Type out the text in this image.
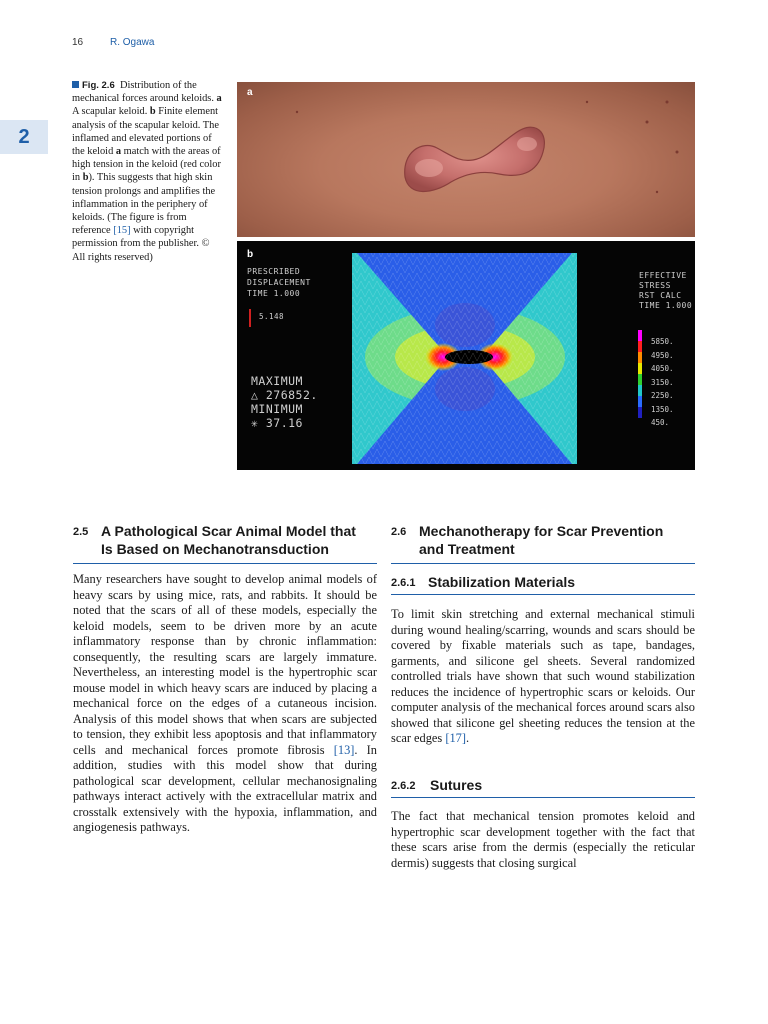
16	R. Ogawa
2

Fig. 2.6 Distribution of the mechanical forces around keloids. a A scapular keloid. b Finite element analysis of the scapular keloid. The inflamed and elevated portions of the keloid a match with the areas of high tension in the keloid (red color in b). This suggests that high skin tension prolongs and amplifies the inflammation in the periphery of keloids. (The figure is from reference [15] with copyright permission from the publisher. © All rights reserved)

a
b
PRESCRIBED
DISPLACEMENT
TIME 1.000
5.148
MAXIMUM
△ 276852.
MINIMUM
✳ 37.16
EFFECTIVE
STRESS
RST CALC
TIME 1.000
5850.
4950.
4050.
3150.
2250.
1350.
450.
2.5 A Pathological Scar Animal Model that
Is Based on Mechanotransduction

Many researchers have sought to develop animal models of heavy scars by using mice, rats, and rabbits. It should be noted that the scars of all of these models, especially the keloid models, seem to be driven more by an acute inflammatory response than by chronic inflammation: consequently, the resulting scars are largely immature. Nevertheless, an interesting model is the hypertrophic scar mouse model in which heavy scars are induced by placing a mechanical force on the edges of a cutaneous incision. Analysis of this model shows that when scars are subjected to tension, they exhibit less apoptosis and that inflammatory cells and mechanical forces promote fibrosis [13]. In addition, studies with this model show that during pathological scar development, cellular mechanosignaling pathways interact actively with the extracellular matrix and crosstalk extensively with the hypoxia, inflammation, and angiogenesis pathways.

2.6 Mechanotherapy for Scar Prevention
and Treatment
2.6.1 Stabilization Materials

To limit skin stretching and external mechanical stimuli during wound healing/scarring, wounds and scars should be covered by fixable materials such as tape, bandages, garments, and silicone gel sheets. Several randomized controlled trials have shown that such wound stabilization reduces the incidence of hypertrophic scars or keloids. Our computer analysis of the mechanical forces around scars also showed that silicone gel sheeting reduces the tension at the scar edges [17].

2.6.2 Sutures

The fact that mechanical tension promotes keloid and hypertrophic scar development together with the fact that these scars arise from the dermis (especially the reticular dermis) suggests that closing surgical
